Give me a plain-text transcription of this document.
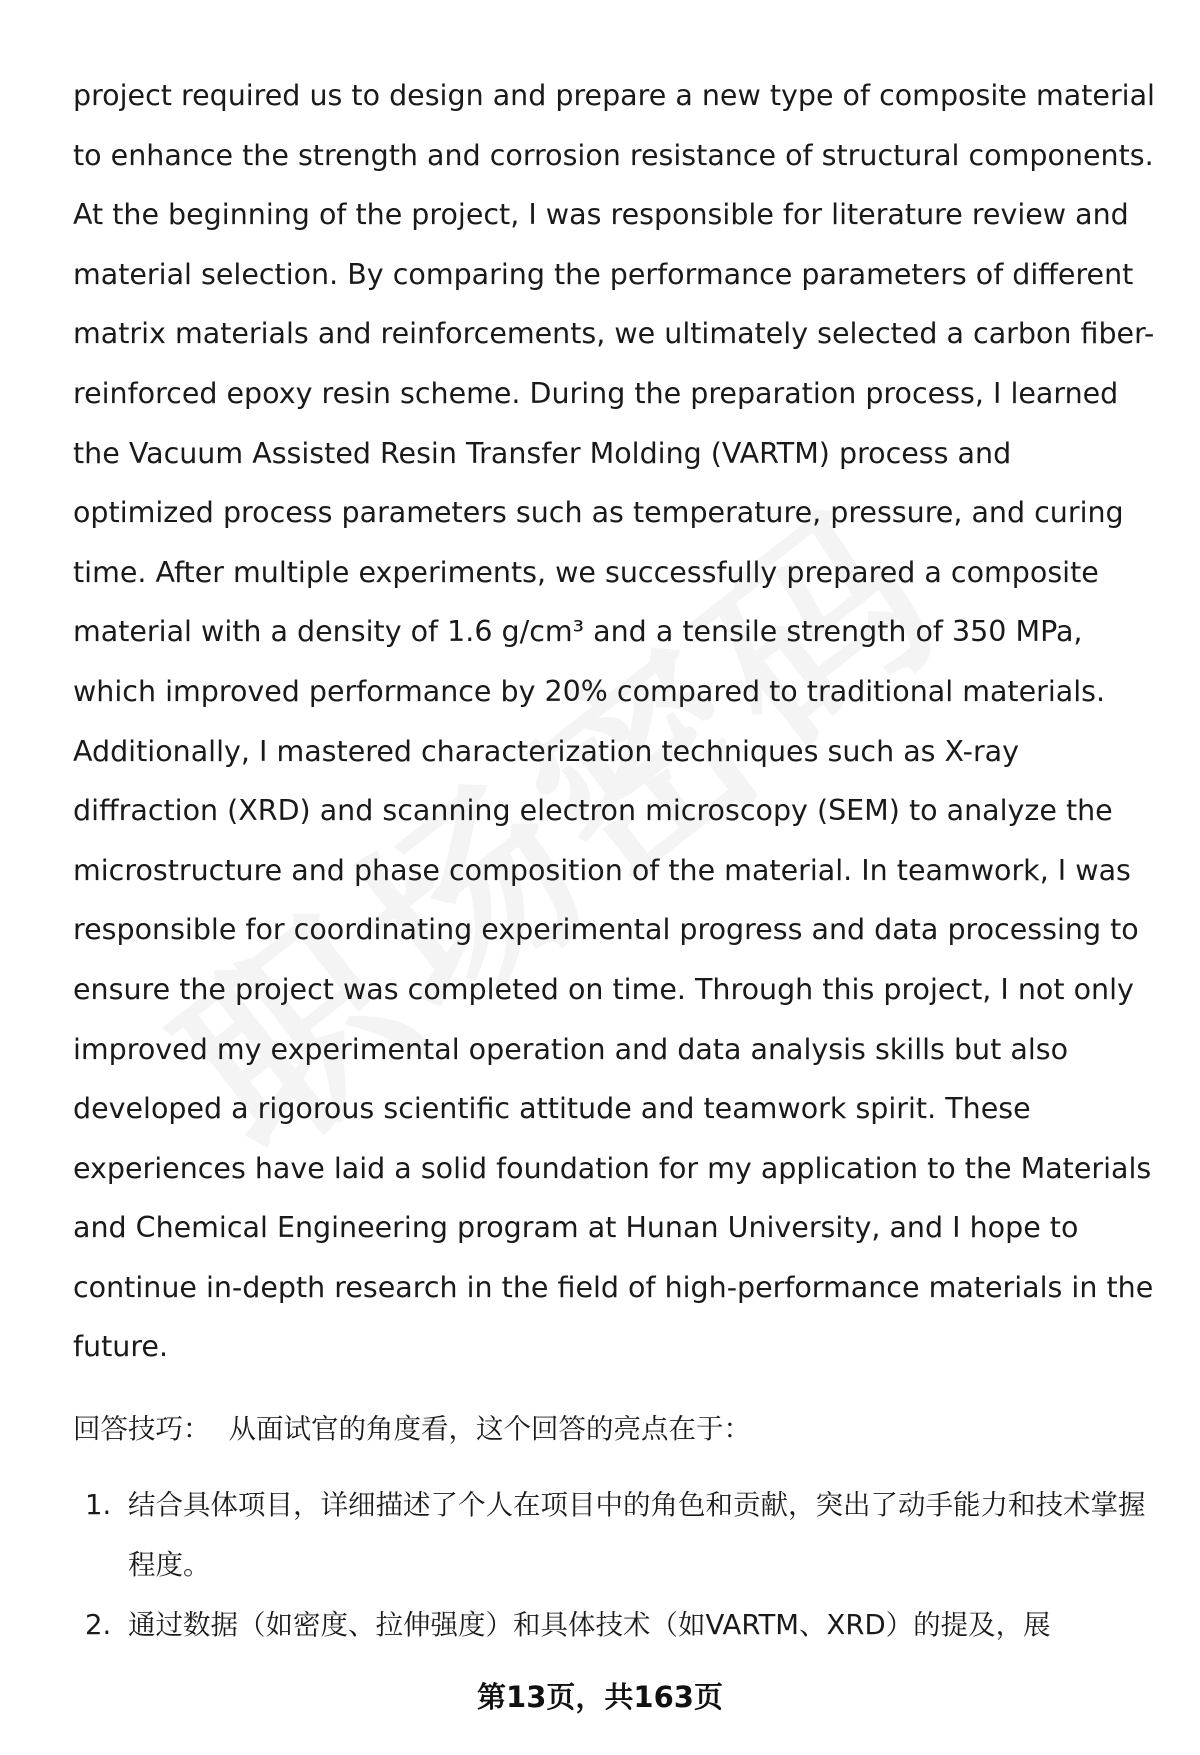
project required us to design and prepare a new type of composite material to enhance the strength and corrosion resistance of structural components. At the beginning of the project, I was responsible for literature review and material selection. By comparing the performance parameters of different matrix materials and reinforcements, we ultimately selected a carbon fiber-reinforced epoxy resin scheme. During the preparation process, I learned the Vacuum Assisted Resin Transfer Molding (VARTM) process and optimized process parameters such as temperature, pressure, and curing time. After multiple experiments, we successfully prepared a composite material with a density of 1.6 g/cm³ and a tensile strength of 350 MPa, which improved performance by 20% compared to traditional materials. Additionally, I mastered characterization techniques such as X-ray diffraction (XRD) and scanning electron microscopy (SEM) to analyze the microstructure and phase composition of the material. In teamwork, I was responsible for coordinating experimental progress and data processing to ensure the project was completed on time. Through this project, I not only improved my experimental operation and data analysis skills but also developed a rigorous scientific attitude and teamwork spirit. These experiences have laid a solid foundation for my application to the Materials and Chemical Engineering program at Hunan University, and I hope to continue in-depth research in the field of high-performance materials in the future.

回答技巧： 从面试官的角度看，这个回答的亮点在于：
1. 结合具体项目，详细描述了个人在项目中的角色和贡献，突出了动手能力和技术掌握程度。
2. 通过数据（如密度、拉伸强度）和具体技术（如VARTM、XRD）的提及，展
第13页，共163页
